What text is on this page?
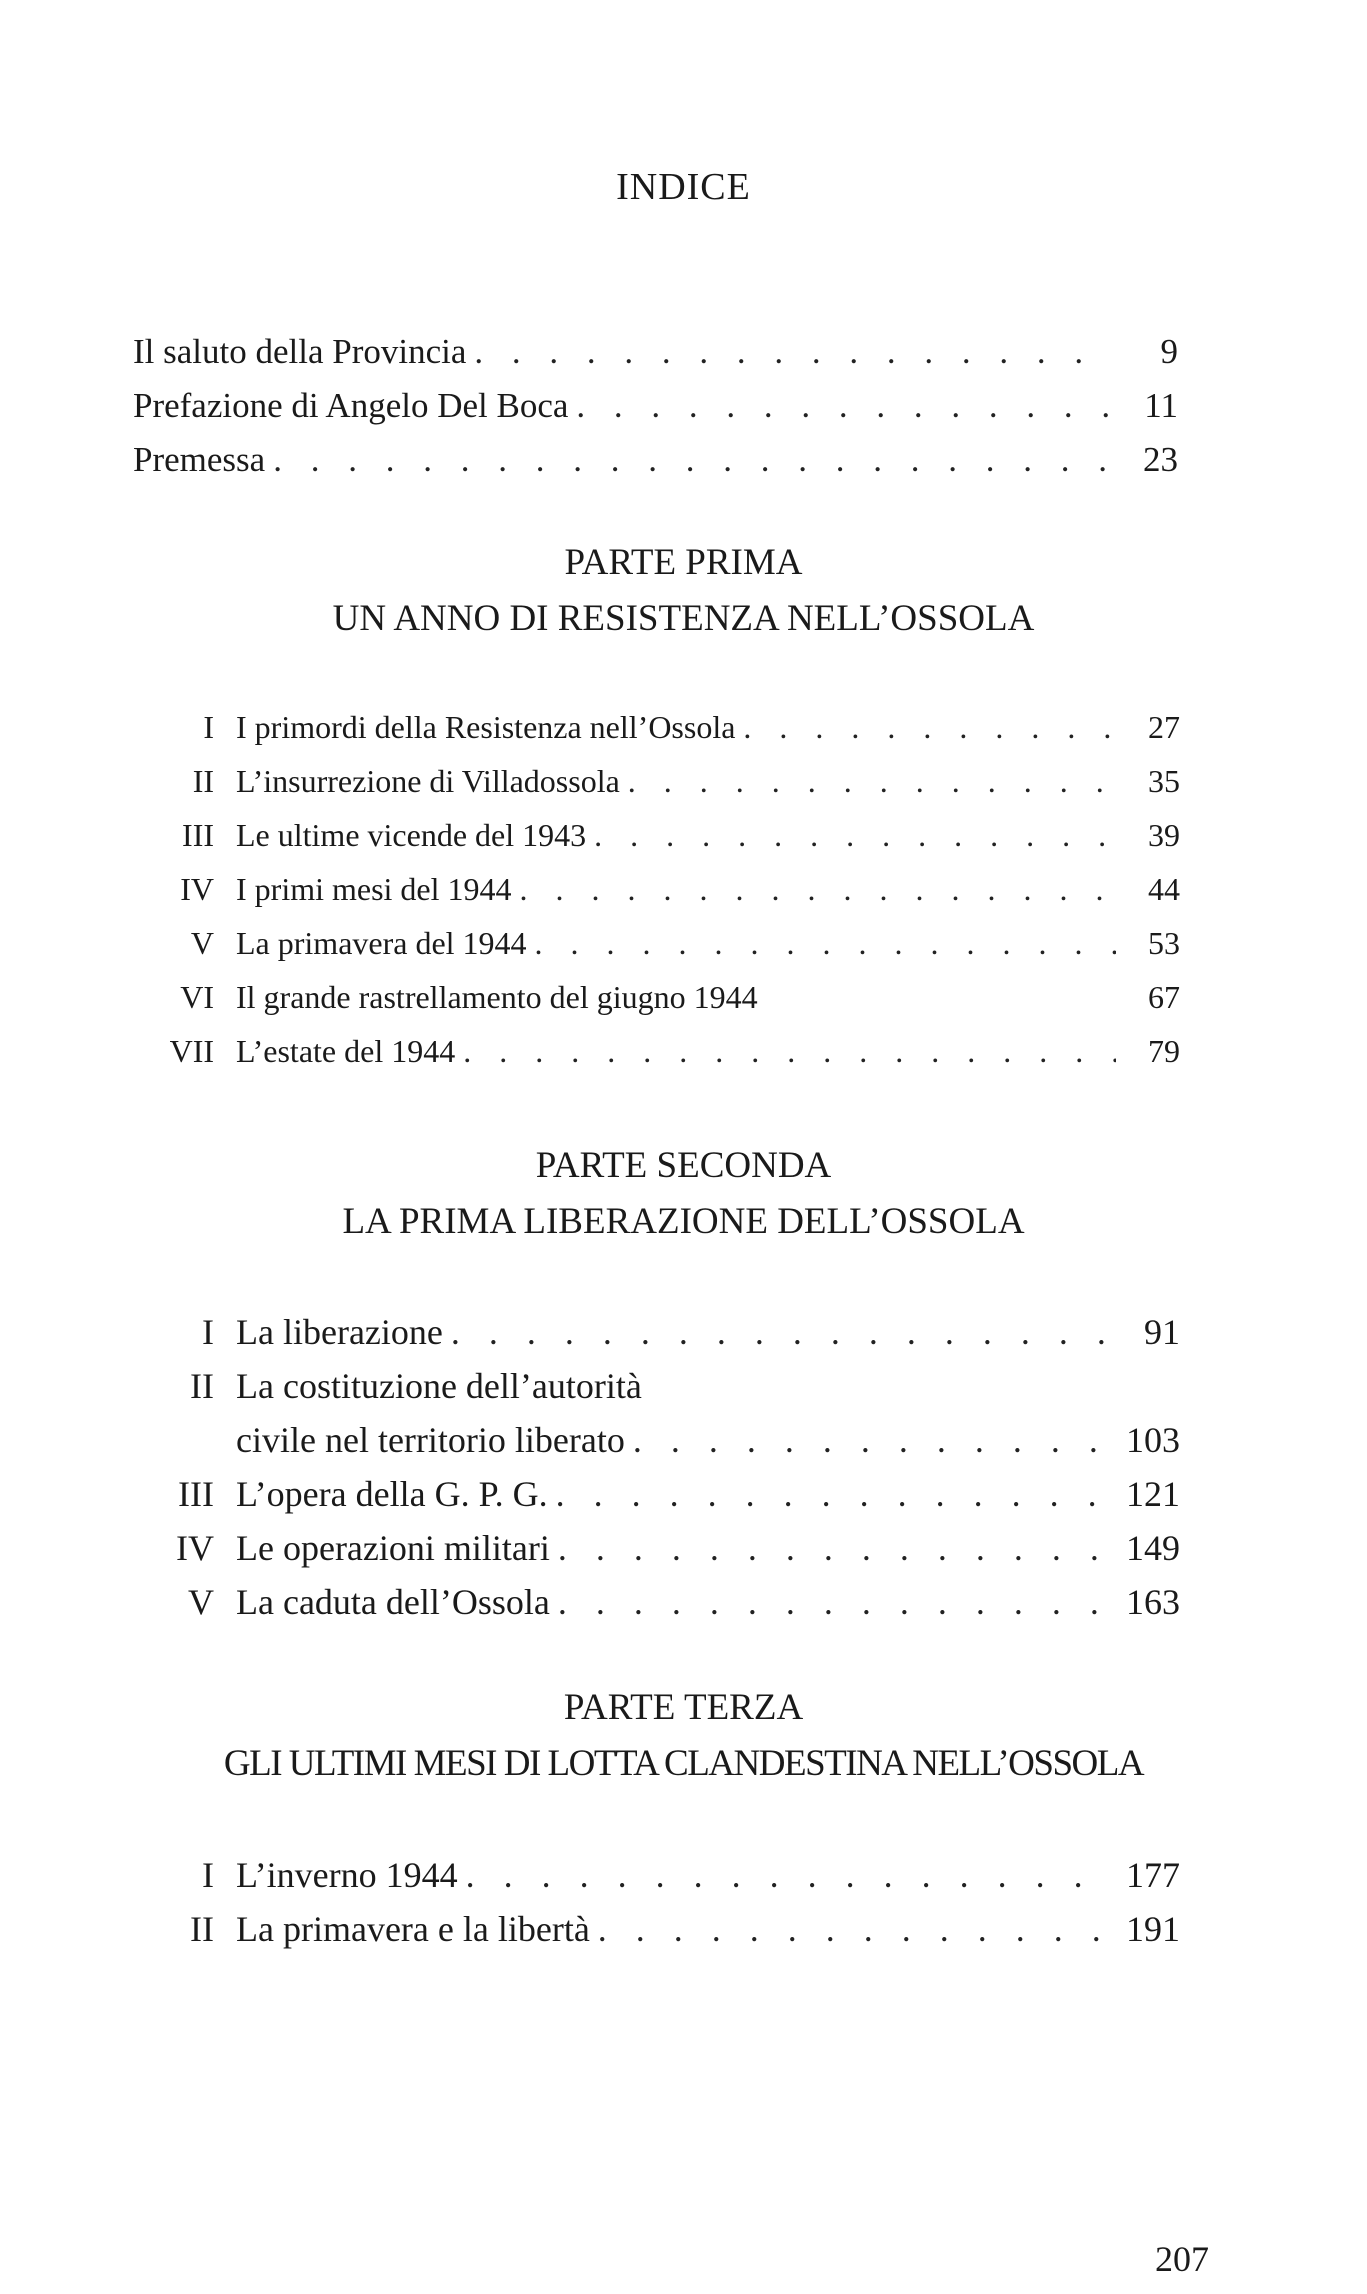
INDICE
Il saluto della Provincia . . .	9
Prefazione di Angelo Del Boca . . .	11
Premessa . . .	23
PARTE PRIMA
UN ANNO DI RESISTENZA NELL’OSSOLA
I I primordi della Resistenza nell’Ossola . . .	27
II L’insurrezione di Villadossola . . .	35
III Le ultime vicende del 1943 . . .	39
IV I primi mesi del 1944 . . .	44
V La primavera del 1944 . . .	53
VI Il grande rastrellamento del giugno 1944	67
VII L’estate del 1944 . . .	79
PARTE SECONDA
LA PRIMA LIBERAZIONE DELL’OSSOLA
I La liberazione . . .	91
II La costituzione dell’autorità
civile nel territorio liberato . . .	103
III L’opera della G. P. G. . . .	121
IV Le operazioni militari . . .	149
V La caduta dell’Ossola . . .	163
PARTE TERZA
GLI ULTIMI MESI DI LOTTA CLANDESTINA NELL’OSSOLA
I L’inverno 1944 . . .	177
II La primavera e la libertà . . .	191
207
